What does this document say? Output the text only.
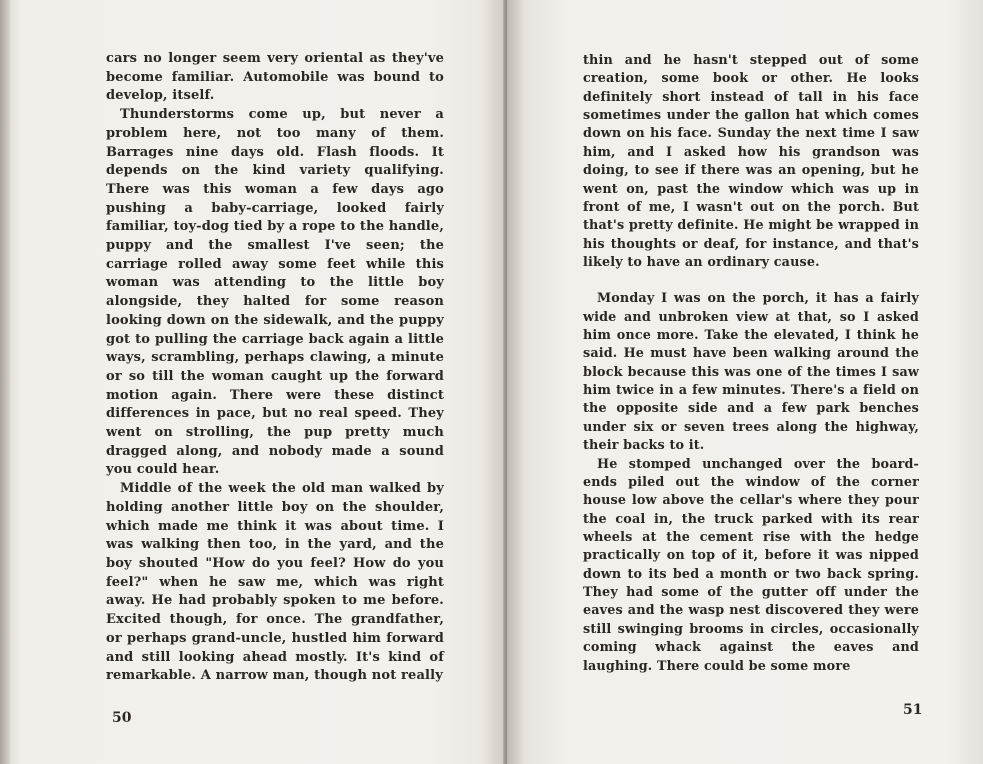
cars no longer seem very oriental as they've become familiar. Automobile was bound to develop, itself.

Thunderstorms come up, but never a problem here, not too many of them. Barrages nine days old. Flash floods. It depends on the kind variety qualifying. There was this woman a few days ago pushing a baby-carriage, looked fairly familiar, toy-dog tied by a rope to the handle, puppy and the smallest I've seen; the carriage rolled away some feet while this woman was attending to the little boy alongside, they halted for some reason looking down on the sidewalk, and the puppy got to pulling the carriage back again a little ways, scrambling, perhaps clawing, a minute or so till the woman caught up the forward motion again. There were these distinct differences in pace, but no real speed. They went on strolling, the pup pretty much dragged along, and nobody made a sound you could hear.

Middle of the week the old man walked by holding another little boy on the shoulder, which made me think it was about time. I was walking then too, in the yard, and the boy shouted "How do you feel? How do you feel?" when he saw me, which was right away. He had probably spoken to me before. Excited though, for once. The grandfather, or perhaps grand-uncle, hustled him forward and still looking ahead mostly. It's kind of remarkable. A narrow man, though not really

50

thin and he hasn't stepped out of some creation, some book or other. He looks definitely short instead of tall in his face sometimes under the gallon hat which comes down on his face. Sunday the next time I saw him, and I asked how his grandson was doing, to see if there was an opening, but he went on, past the window which was up in front of me, I wasn't out on the porch. But that's pretty definite. He might be wrapped in his thoughts or deaf, for instance, and that's likely to have an ordinary cause.

Monday I was on the porch, it has a fairly wide and unbroken view at that, so I asked him once more. Take the elevated, I think he said. He must have been walking around the block because this was one of the times I saw him twice in a few minutes. There's a field on the opposite side and a few park benches under six or seven trees along the highway, their backs to it.

He stomped unchanged over the board-ends piled out the window of the corner house low above the cellar's where they pour the coal in, the truck parked with its rear wheels at the cement rise with the hedge practically on top of it, before it was nipped down to its bed a month or two back spring. They had some of the gutter off under the eaves and the wasp nest discovered they were still swinging brooms in circles, occasionally coming whack against the eaves and laughing. There could be some more

51
